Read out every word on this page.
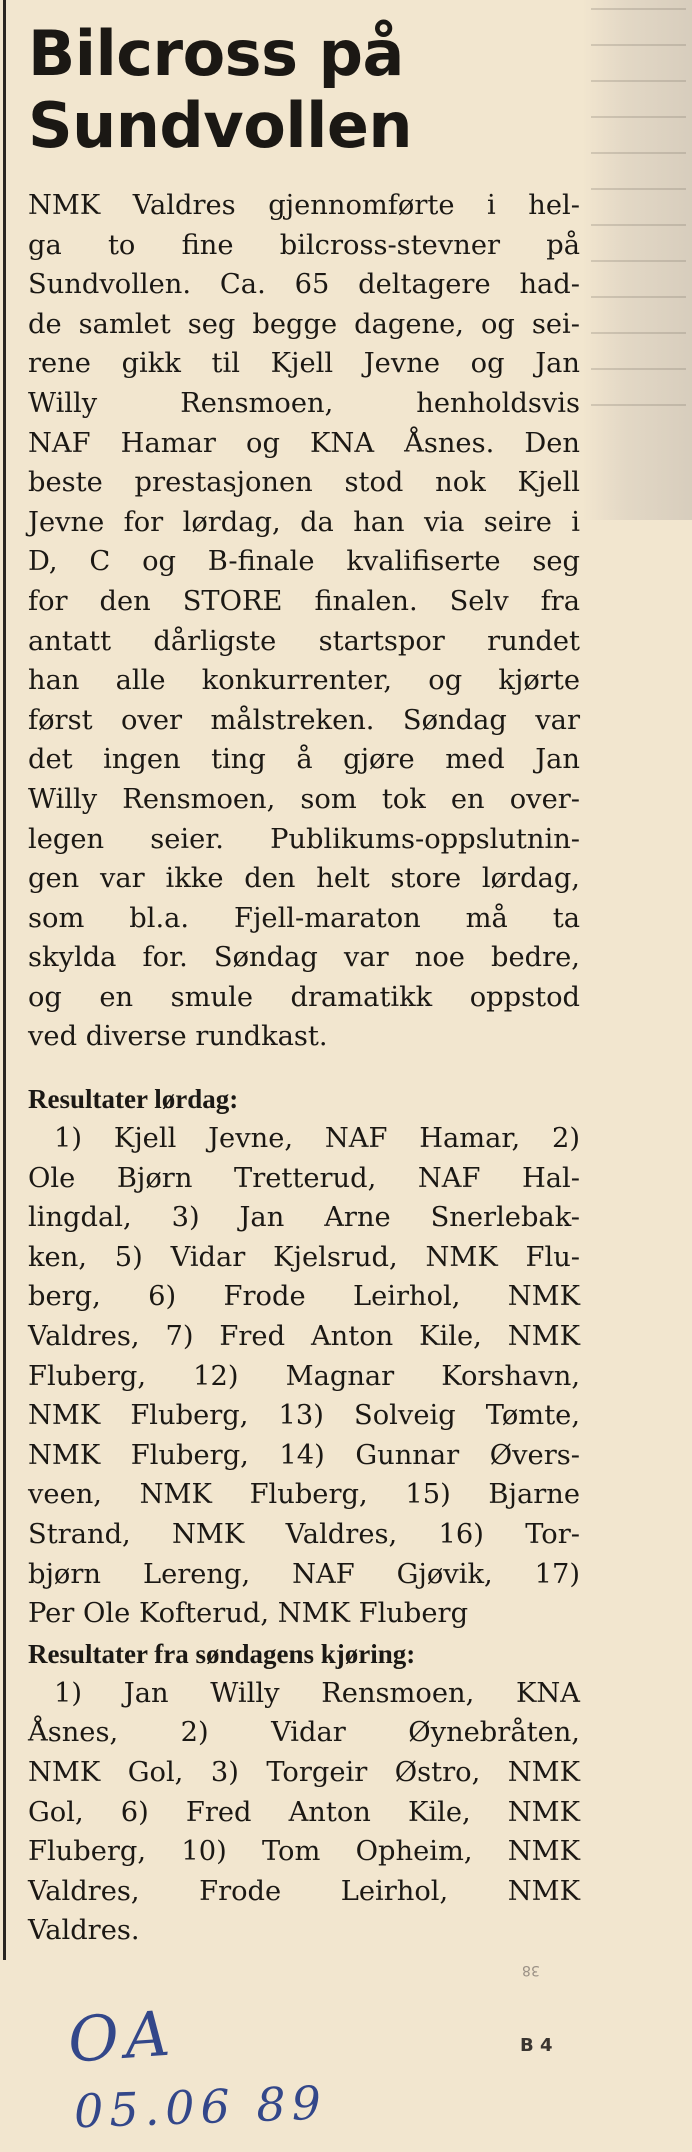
Bilcross på
Sundvollen
NMK Valdres gjennomførte i hel-
ga to fine bilcross-stevner på
Sundvollen. Ca. 65 deltagere had-
de samlet seg begge dagene, og sei-
rene gikk til Kjell Jevne og Jan
Willy Rensmoen, henholdsvis
NAF Hamar og KNA Åsnes. Den
beste prestasjonen stod nok Kjell
Jevne for lørdag, da han via seire i
D, C og B-finale kvalifiserte seg
for den STORE finalen. Selv fra
antatt dårligste startspor rundet
han alle konkurrenter, og kjørte
først over målstreken. Søndag var
det ingen ting å gjøre med Jan
Willy Rensmoen, som tok en over-
legen seier. Publikums-oppslutnin-
gen var ikke den helt store lørdag,
som bl.a. Fjell-maraton må ta
skylda for. Søndag var noe bedre,
og en smule dramatikk oppstod
ved diverse rundkast.
Resultater lørdag:
1) Kjell Jevne, NAF Hamar, 2)
Ole Bjørn Tretterud, NAF Hal-
lingdal, 3) Jan Arne Snerlebak-
ken, 5) Vidar Kjelsrud, NMK Flu-
berg, 6) Frode Leirhol, NMK
Valdres, 7) Fred Anton Kile, NMK
Fluberg, 12) Magnar Korshavn,
NMK Fluberg, 13) Solveig Tømte,
NMK Fluberg, 14) Gunnar Øvers-
veen, NMK Fluberg, 15) Bjarne
Strand, NMK Valdres, 16) Tor-
bjørn Lereng, NAF Gjøvik, 17)
Per Ole Kofterud, NMK Fluberg
Resultater fra søndagens kjøring:
1) Jan Willy Rensmoen, KNA
Åsnes, 2) Vidar Øynebråten,
NMK Gol, 3) Torgeir Østro, NMK
Gol, 6) Fred Anton Kile, NMK
Fluberg, 10) Tom Opheim, NMK
Valdres, Frode Leirhol, NMK
Valdres.
38
OA	B 4
05.06 89
